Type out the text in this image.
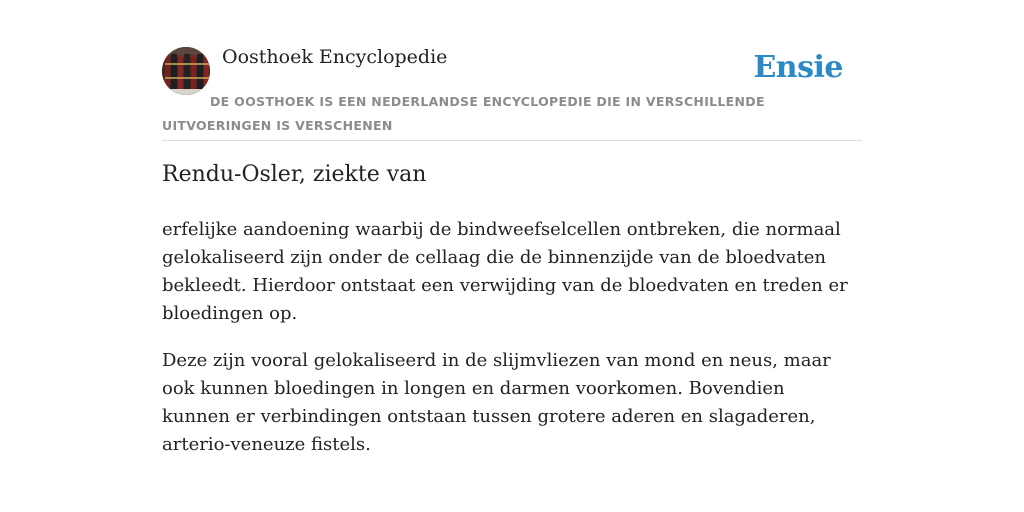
Oosthoek Encyclopedie	Ensie
DE OOSTHOEK IS EEN NEDERLANDSE ENCYCLOPEDIE DIE IN VERSCHILLENDE UITVOERINGEN IS VERSCHENEN
Rendu-Osler, ziekte van

erfelijke aandoening waarbij de bindweefselcellen ontbreken, die normaal gelokaliseerd zijn onder de cellaag die de binnenzijde van de bloedvaten bekleedt. Hierdoor ontstaat een verwijding van de bloedvaten en treden er bloedingen op.

Deze zijn vooral gelokaliseerd in de slijmvliezen van mond en neus, maar ook kunnen bloedingen in longen en darmen voorkomen. Bovendien kunnen er verbindingen ontstaan tussen grotere aderen en slagaderen, arterio-veneuze fistels.
